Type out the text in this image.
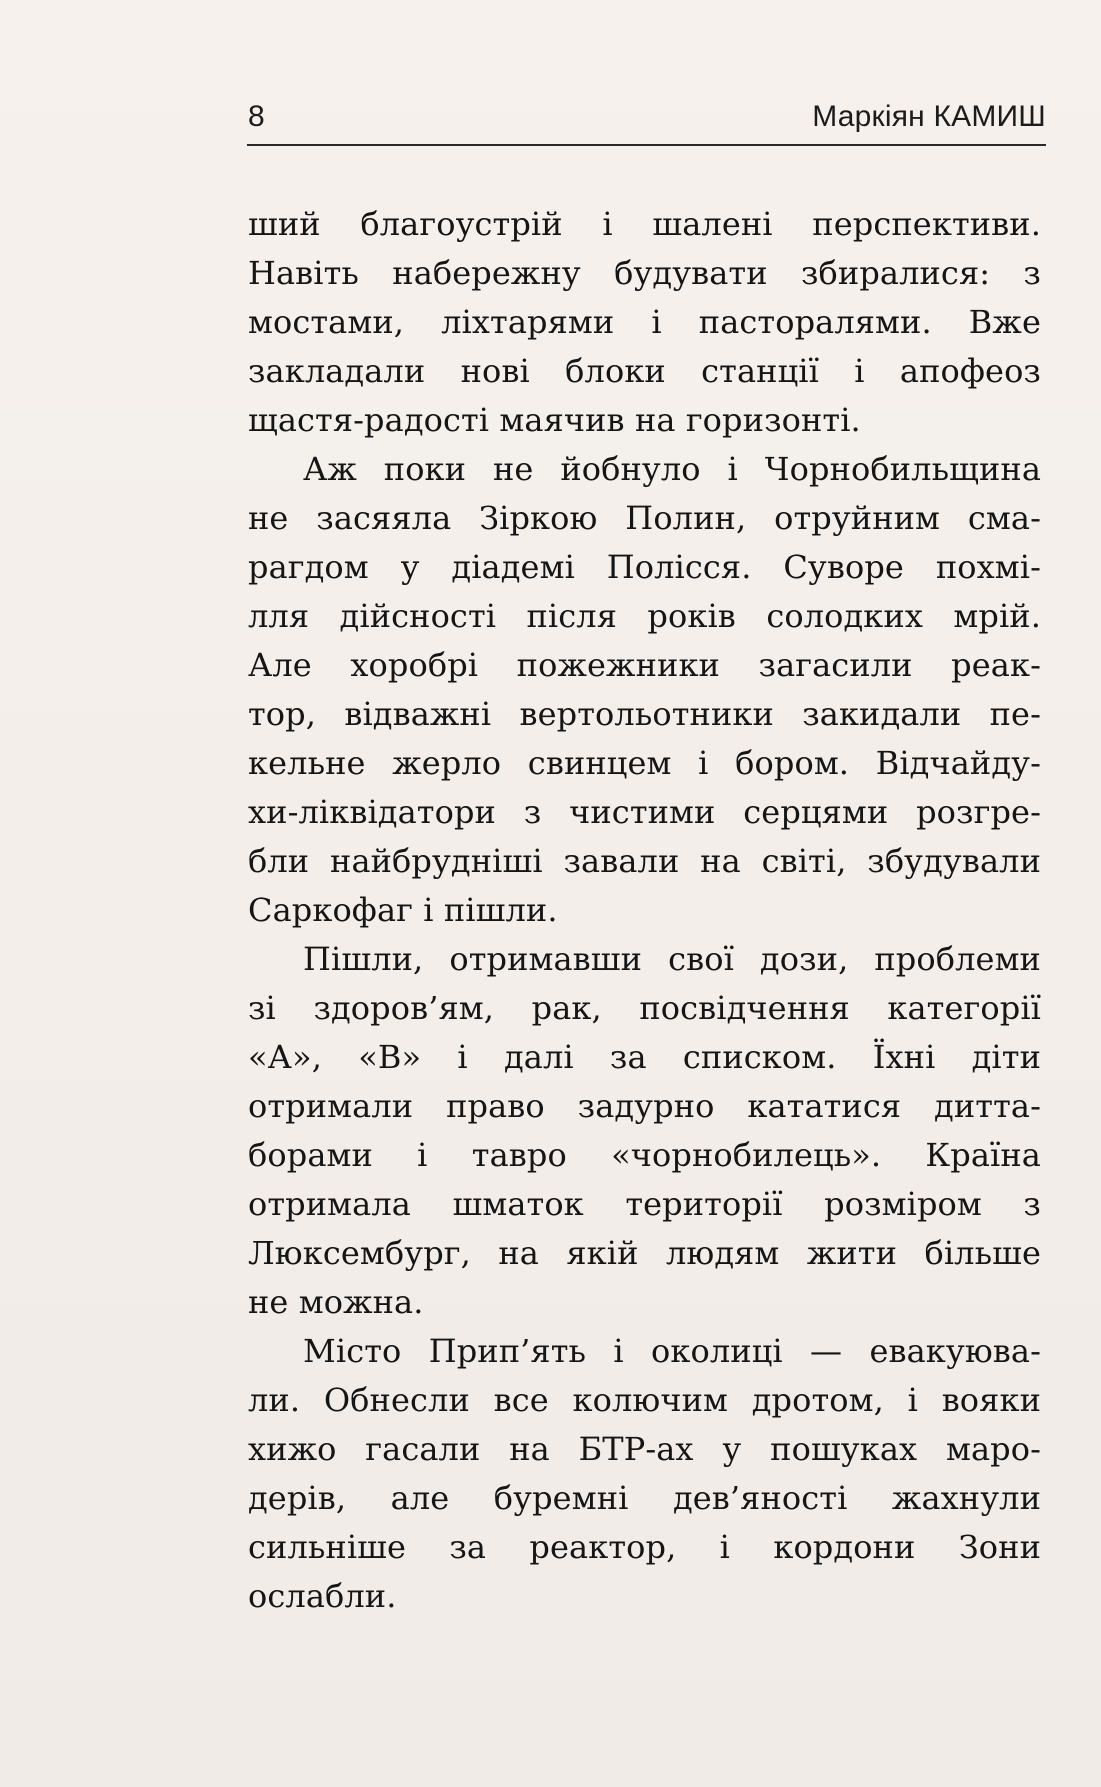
8	Маркіян КАМИШ

ший благоустрій і шалені перспективи.
Навіть набережну будувати збиралися: з
мостами, ліхтарями і пасторалями. Вже
закладали нові блоки станції і апофеоз
щастя-радості маячив на горизонті.

Аж поки не йобнуло і Чорнобильщина
не засяяла Зіркою Полин, отруйним сма-
рагдом у діадемі Полісся. Суворе похмі-
лля дійсності після років солодких мрій.
Але хоробрі пожежники загасили реак-
тор, відважні вертольотники закидали пе-
кельне жерло свинцем і бором. Відчайду-
хи-ліквідатори з чистими серцями розгре-
бли найбрудніші завали на світі, збудували
Саркофаг і пішли.

Пішли, отримавши свої дози, проблеми
зі здоров’ям, рак, посвідчення категорії
«А», «В» і далі за списком. Їхні діти
отримали право задурно кататися дитта-
борами і тавро «чорнобилець». Країна
отримала шматок території розміром з
Люксембург, на якій людям жити більше
не можна.

Місто Прип’ять і околиці — евакуюва-
ли. Обнесли все колючим дротом, і вояки
хижо гасали на БТР-ах у пошуках маро-
дерів, але буремні дев’яності жахнули
сильніше за реактор, і кордони Зони
ослабли.
